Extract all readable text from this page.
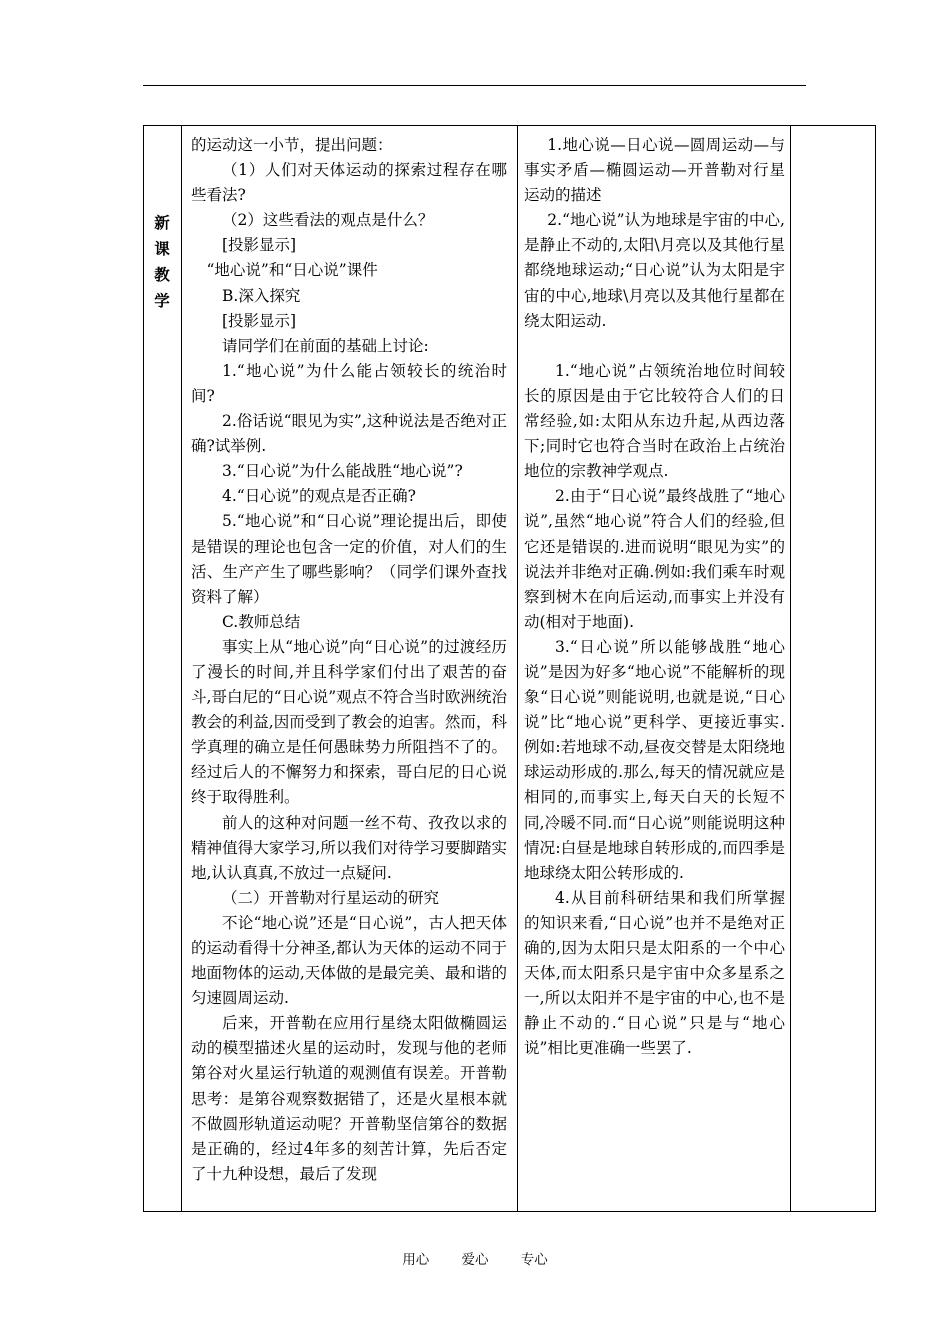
新
课
教
学

的运动这一小节，提出问题：

（1）人们对天体运动的探索过程存在哪些看法?

（2）这些看法的观点是什么？

[投影显示]

“地心说”和“日心说”课件

B.深入探究

[投影显示]

请同学们在前面的基础上讨论:

1.“地心说”为什么能占领较长的统治时间?

2.俗话说“眼见为实”,这种说法是否绝对正确?试举例.

3.“日心说”为什么能战胜“地心说”?

4.“日心说”的观点是否正确?

5.“地心说”和“日心说”理论提出后，即使是错误的理论也包含一定的价值，对人们的生活、生产产生了哪些影响？（同学们课外查找资料了解）

C.教师总结

事实上从“地心说”向“日心说”的过渡经历了漫长的时间,并且科学家们付出了艰苦的奋斗,哥白尼的“日心说”观点不符合当时欧洲统治教会的利益,因而受到了教会的迫害。然而，科学真理的确立是任何愚昧势力所阻挡不了的。经过后人的不懈努力和探索，哥白尼的日心说终于取得胜利。

前人的这种对问题一丝不苟、孜孜以求的精神值得大家学习,所以我们对待学习要脚踏实地,认认真真,不放过一点疑问.

（二）开普勒对行星运动的研究

不论“地心说”还是“日心说”，古人把天体的运动看得十分神圣,都认为天体的运动不同于地面物体的运动,天体做的是最完美、最和谐的匀速圆周运动.

后来，开普勒在应用行星绕太阳做椭圆运动的模型描述火星的运动时，发现与他的老师第谷对火星运行轨道的观测值有误差。开普勒思考：是第谷观察数据错了，还是火星根本就不做圆形轨道运动呢？开普勒坚信第谷的数据是正确的，经过4年多的刻苦计算，先后否定了十九种设想，最后了发现

1.地心说—日心说—圆周运动—与事实矛盾—椭圆运动—开普勒对行星运动的描述

2.“地心说”认为地球是宇宙的中心,是静止不动的,太阳\月亮以及其他行星都绕地球运动;“日心说”认为太阳是宇宙的中心,地球\月亮以及其他行星都在绕太阳运动.

1.“地心说”占领统治地位时间较长的原因是由于它比较符合人们的日常经验,如:太阳从东边升起,从西边落下;同时它也符合当时在政治上占统治地位的宗教神学观点.

2.由于“日心说”最终战胜了“地心说”,虽然“地心说”符合人们的经验,但它还是错误的.进而说明“眼见为实”的说法并非绝对正确.例如:我们乘车时观察到树木在向后运动,而事实上并没有动(相对于地面).

3.“日心说”所以能够战胜“地心说”是因为好多“地心说”不能解析的现象“日心说”则能说明,也就是说,“日心说”比“地心说”更科学、更接近事实.例如:若地球不动,昼夜交替是太阳绕地球运动形成的.那么,每天的情况就应是相同的,而事实上,每天白天的长短不同,冷暖不同.而“日心说”则能说明这种情况:白昼是地球自转形成的,而四季是地球绕太阳公转形成的.

4.从目前科研结果和我们所掌握的知识来看,“日心说”也并不是绝对正确的,因为太阳只是太阳系的一个中心天体,而太阳系只是宇宙中众多星系之一,所以太阳并不是宇宙的中心,也不是静止不动的.“日心说”只是与“地心说”相比更准确一些罢了.

用心 爱心 专心
